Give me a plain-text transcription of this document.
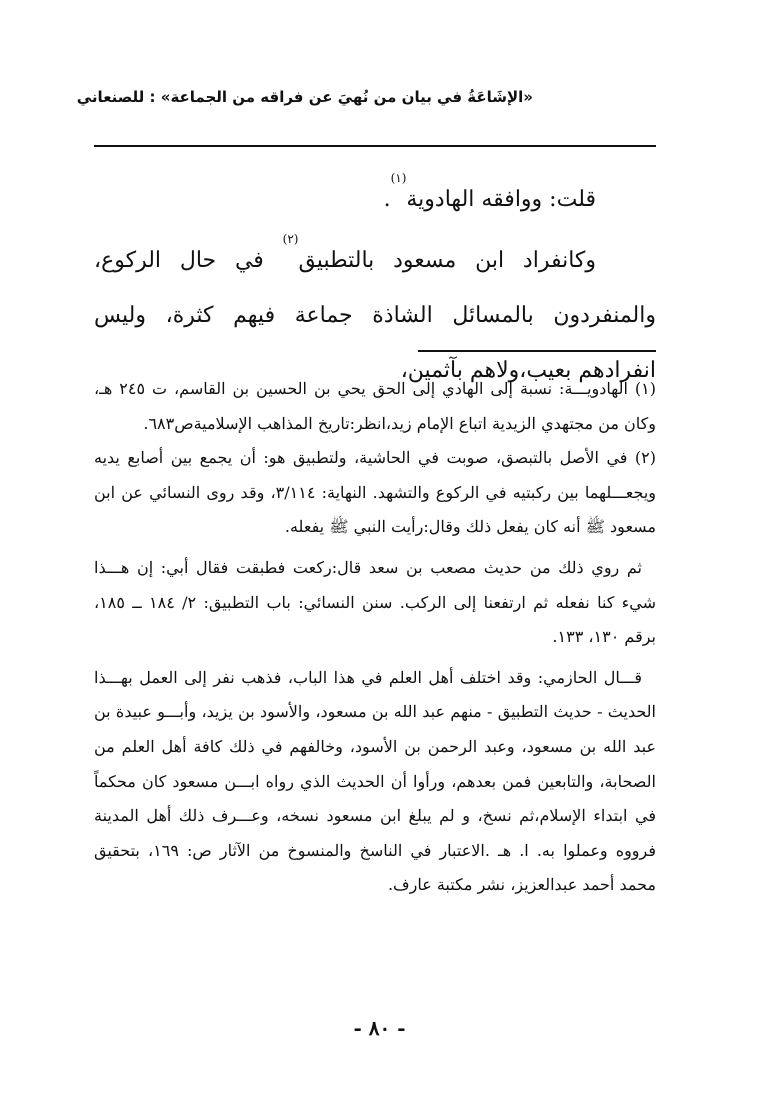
«الإشَاعَةُ في بيان من نُهيَ عن فراقه من الجماعة» : للصنعاني

قلت: ووافقه الهادوية$^{(١)}$.

وكانفراد ابن مسعود بالتطبيق$^{(٢)}$ في حال الركوع، والمنفردون بالمسائل الشاذة جماعة فيهم كثرة، وليس انفرادهم بعيب،ولاهم بآثمين،

(١) الهادويـــة: نسبة إلى الهادي إلى الحق يحي بن الحسين بن القاسم، ت ٢٤٥ هـ، وكان من مجتهدي الزيدية اتباع الإمام زيد،انظر:تاريخ المذاهب الإسلاميةص٦٨٣.

(٢) في الأصل بالتبصق، صوبت في الحاشية، ولتطبيق هو: أن يجمع بين أصابع يديه ويجعـــلهما بين ركبتيه في الركوع والتشهد. النهاية: ٣/١١٤، وقد روى النسائي عن ابن مسعود ﷺ أنه كان يفعل ذلك وقال:رأيت النبي ﷺ يفعله.

ثم روي ذلك من حديث مصعب بن سعد قال:ركعت فطبقت فقال أبي: إن هـــذا شيء كنا نفعله ثم ارتفعنا إلى الركب. سنن النسائي: باب التطبيق: ٢/ ١٨٤ ــ ١٨٥، برقم ١٣٠، ١٣٣.

قـــال الحازمي: وقد اختلف أهل العلم في هذا الباب، فذهب نفر إلى العمل بهـــذا الحديث - حديث التطبيق - منهم عبد الله بن مسعود، والأسود بن يزيد، وأبـــو عبيدة بن عبد الله بن مسعود، وعبد الرحمن بن الأسود، وخالفهم في ذلك كافة أهل العلم من الصحابة، والتابعين فمن بعدهم، ورأوا أن الحديث الذي رواه ابـــن مسعود كان محكماً في ابتداء الإسلام،ثم نسخ، و لم يبلغ ابن مسعود نسخه، وعـــرف ذلك أهل المدينة فرووه وعملوا به. ا. هـ .الاعتبار في الناسخ والمنسوخ من الآثار ص: ١٦٩، بتحقيق محمد أحمد عبدالعزيز، نشر مكتبة عارف.

- ٨٠ -
